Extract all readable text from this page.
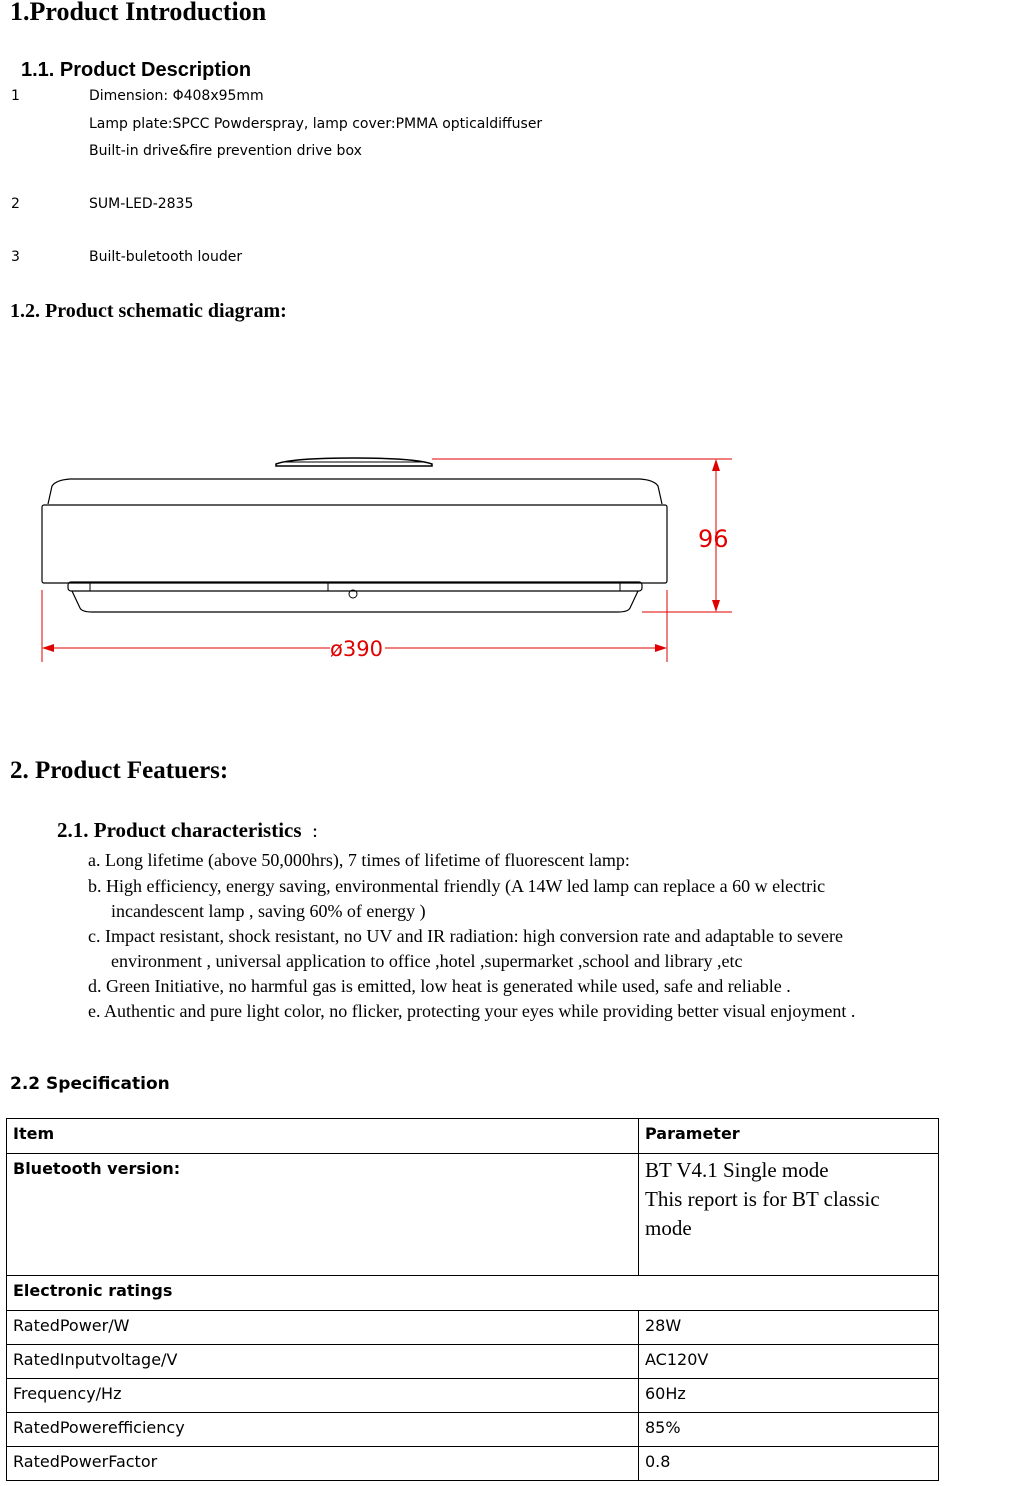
1.Product Introduction
1.1. Product Description
1	Dimension: Φ408x95mm
Lamp plate:SPCC Powderspray, lamp cover:PMMA opticaldiffuser
Built-in drive&fire prevention drive box
2	SUM-LED-2835
3	Built-buletooth louder
1.2. Product schematic diagram:
96
ø390
2. Product Featuers:
2.1. Product characteristics ：
a. Long lifetime (above 50,000hrs), 7 times of lifetime of fluorescent lamp:
b. High efficiency, energy saving, environmental friendly (A 14W led lamp can replace a 60 w electric
incandescent lamp , saving 60% of energy )
c. Impact resistant, shock resistant, no UV and IR radiation: high conversion rate and adaptable to severe
environment , universal application to office ,hotel ,supermarket ,school and library ,etc
d. Green Initiative, no harmful gas is emitted, low heat is generated while used, safe and reliable .
e. Authentic and pure light color, no flicker, protecting your eyes while providing better visual enjoyment .
2.2 Specification
Item	Parameter
Bluetooth version:	BT V4.1 Single mode
This report is for BT classic
mode

Electronic ratings	
RatedPower/W	28W
RatedInputvoltage/V	AC120V
Frequency/Hz	60Hz
RatedPowerefficiency	85%
RatedPowerFactor	0.8
